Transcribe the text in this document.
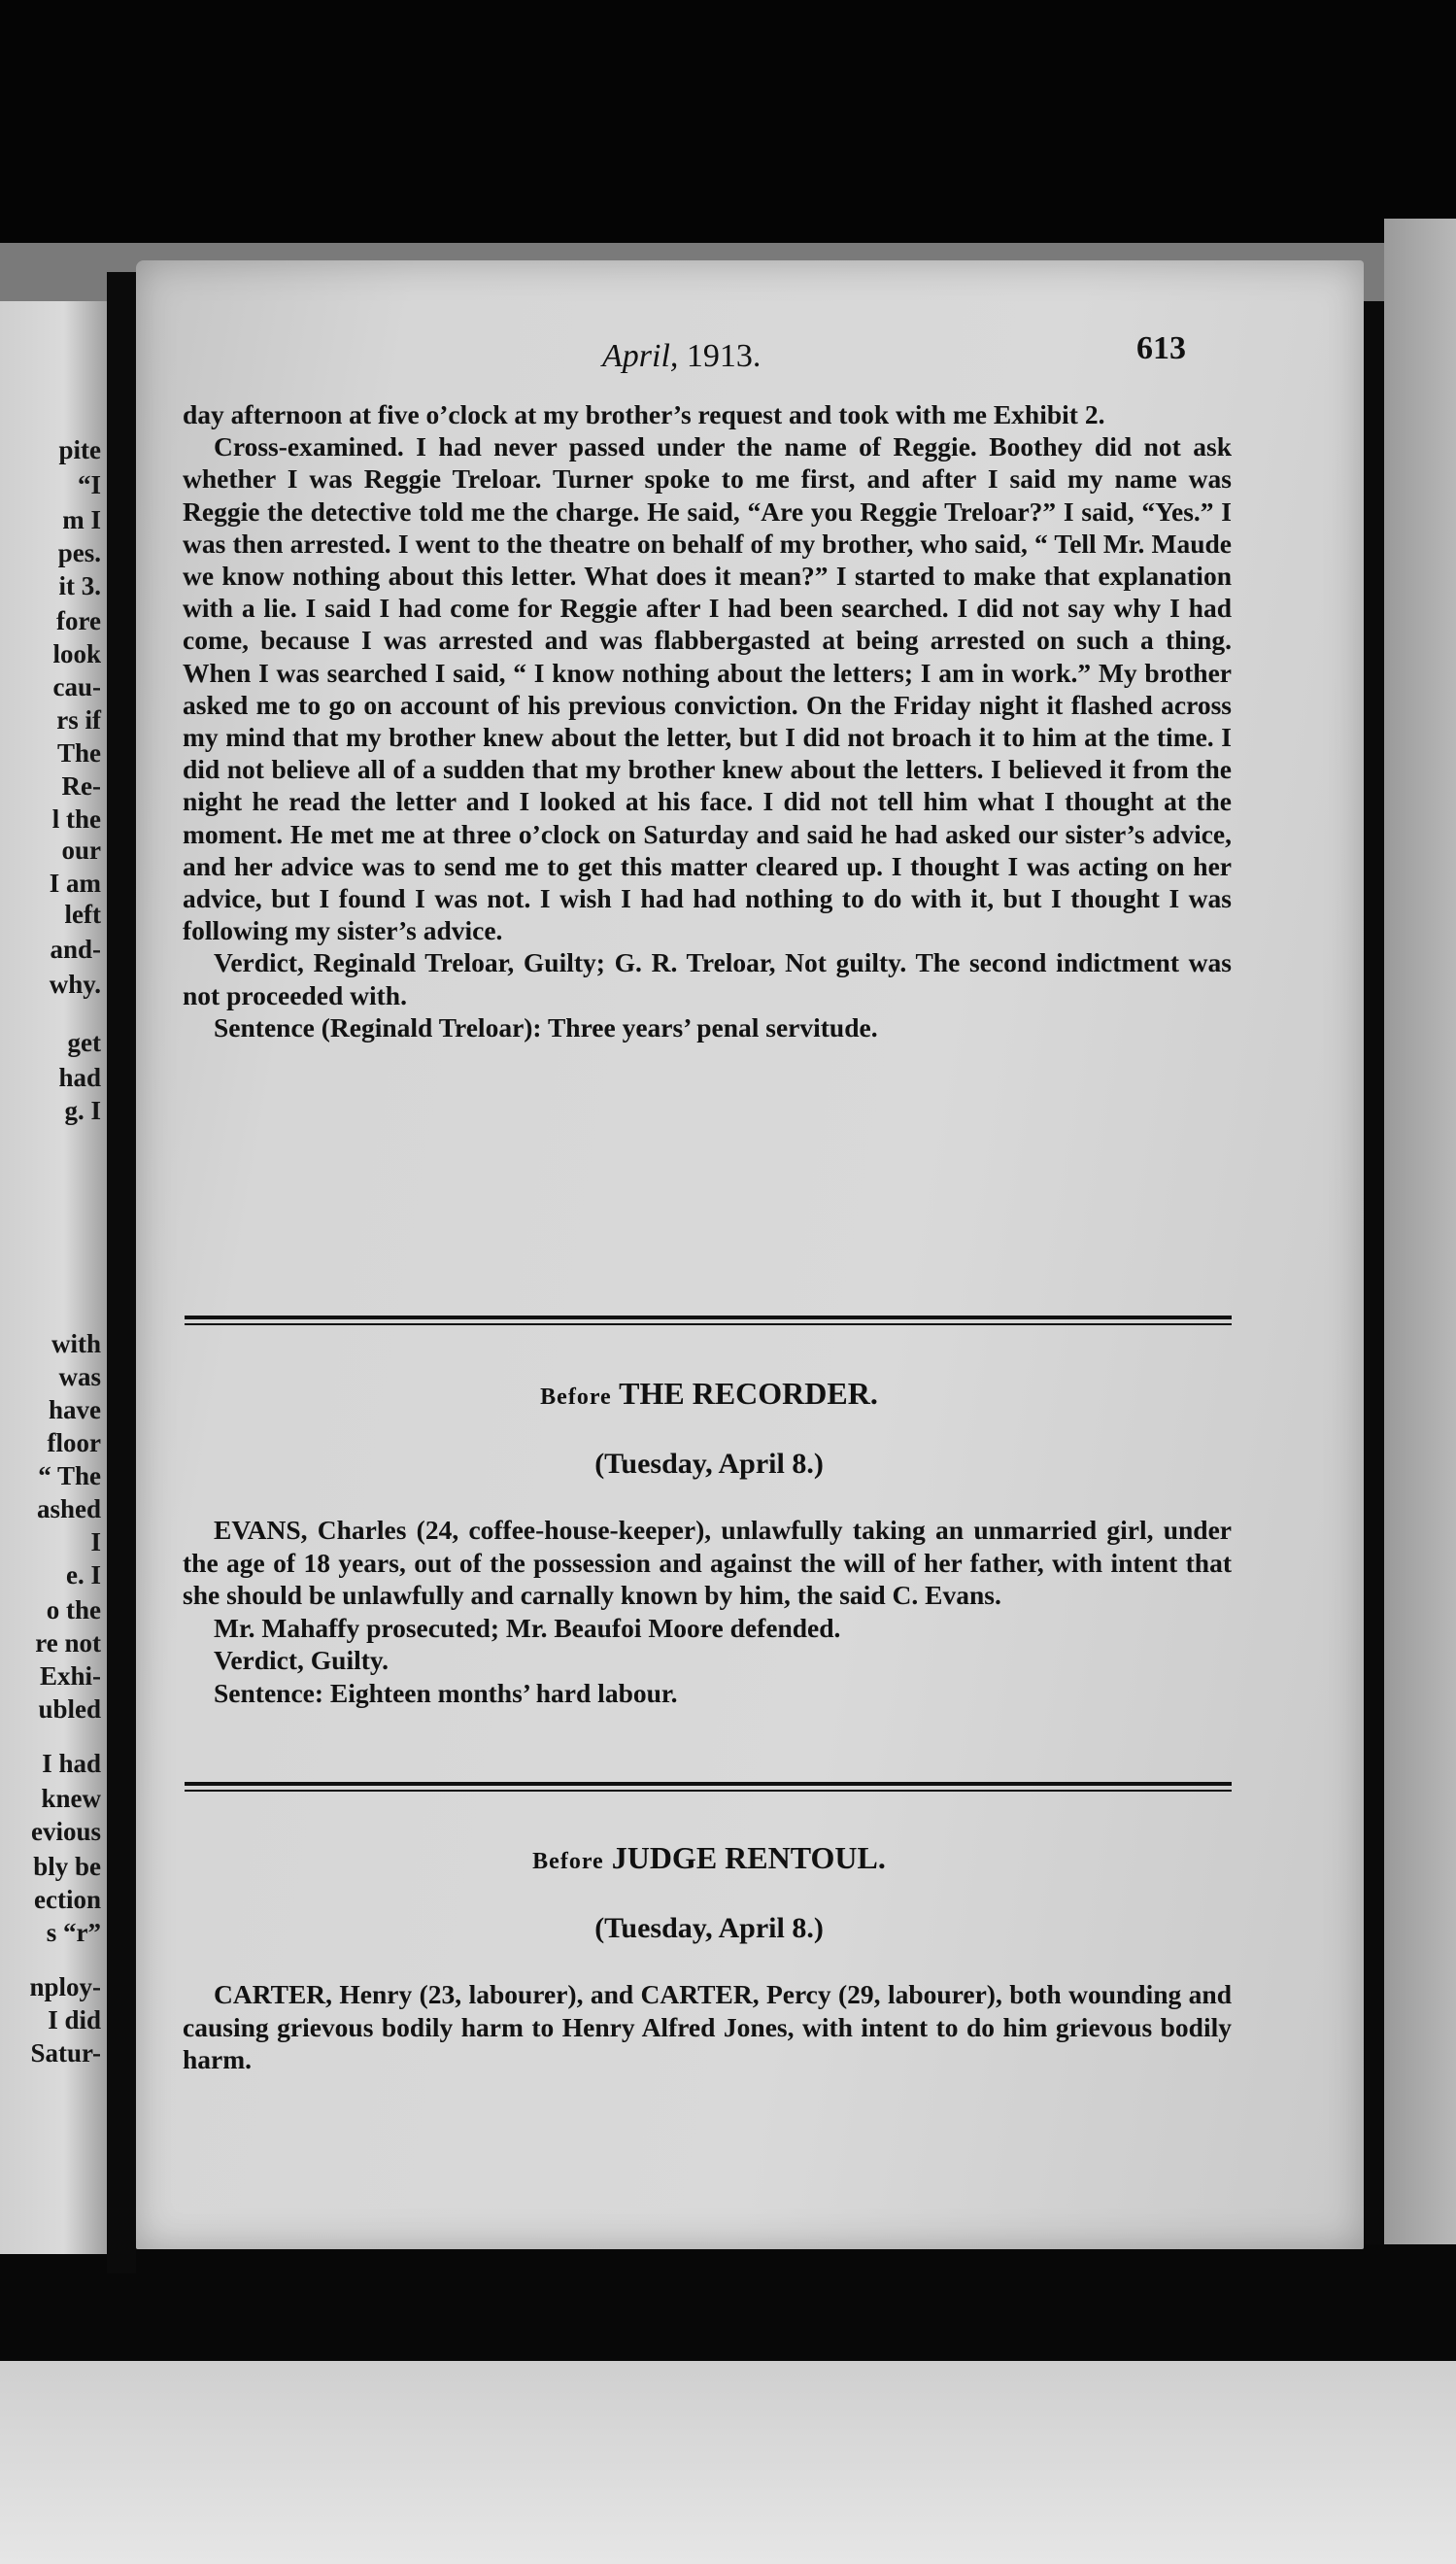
pite
“I
m I
pes.
it 3.
fore
look
cau-
rs if
The
Re-
l the
our
I am
left
and-
why.
get
had
g. I
with
was
have
floor
“ The
ashed
I
e. I
o the
re not
Exhi-
ubled
I had
knew
evious
bly be
ection
s “r”
nploy-
I did
Satur-
April, 1913.	613

day afternoon at five o’clock at my brother’s request and took with me Exhibit 2.

Cross-examined. I had never passed under the name of Reggie. Boothey did not ask whether I was Reggie Treloar. Turner spoke to me first, and after I said my name was Reggie the detective told me the charge. He said, “Are you Reggie Treloar?” I said, “Yes.” I was then arrested. I went to the theatre on behalf of my brother, who said, “ Tell Mr. Maude we know nothing about this letter. What does it mean?” I started to make that explanation with a lie. I said I had come for Reggie after I had been searched. I did not say why I had come, because I was arrested and was flabbergasted at being arrested on such a thing. When I was searched I said, “ I know nothing about the letters; I am in work.” My brother asked me to go on account of his previous conviction. On the Friday night it flashed across my mind that my brother knew about the letter, but I did not broach it to him at the time. I did not believe all of a sudden that my brother knew about the letters. I believed it from the night he read the letter and I looked at his face. I did not tell him what I thought at the moment. He met me at three o’clock on Saturday and said he had asked our sister’s advice, and her advice was to send me to get this matter cleared up. I thought I was acting on her advice, but I found I was not. I wish I had had nothing to do with it, but I thought I was following my sister’s advice.

Verdict, Reginald Treloar, Guilty; G. R. Treloar, Not guilty. The second indictment was not proceeded with.

Sentence (Reginald Treloar): Three years’ penal servitude.

Before THE RECORDER.
(Tuesday, April 8.)

EVANS, Charles (24, coffee-house-keeper), unlawfully taking an unmarried girl, under the age of 18 years, out of the possession and against the will of her father, with intent that she should be unlawfully and carnally known by him, the said C. Evans.

Mr. Mahaffy prosecuted; Mr. Beaufoi Moore defended.

Verdict, Guilty.

Sentence: Eighteen months’ hard labour.

Before JUDGE RENTOUL.
(Tuesday, April 8.)

CARTER, Henry (23, labourer), and CARTER, Percy (29, labourer), both wounding and causing grievous bodily harm to Henry Alfred Jones, with intent to do him grievous bodily harm.
